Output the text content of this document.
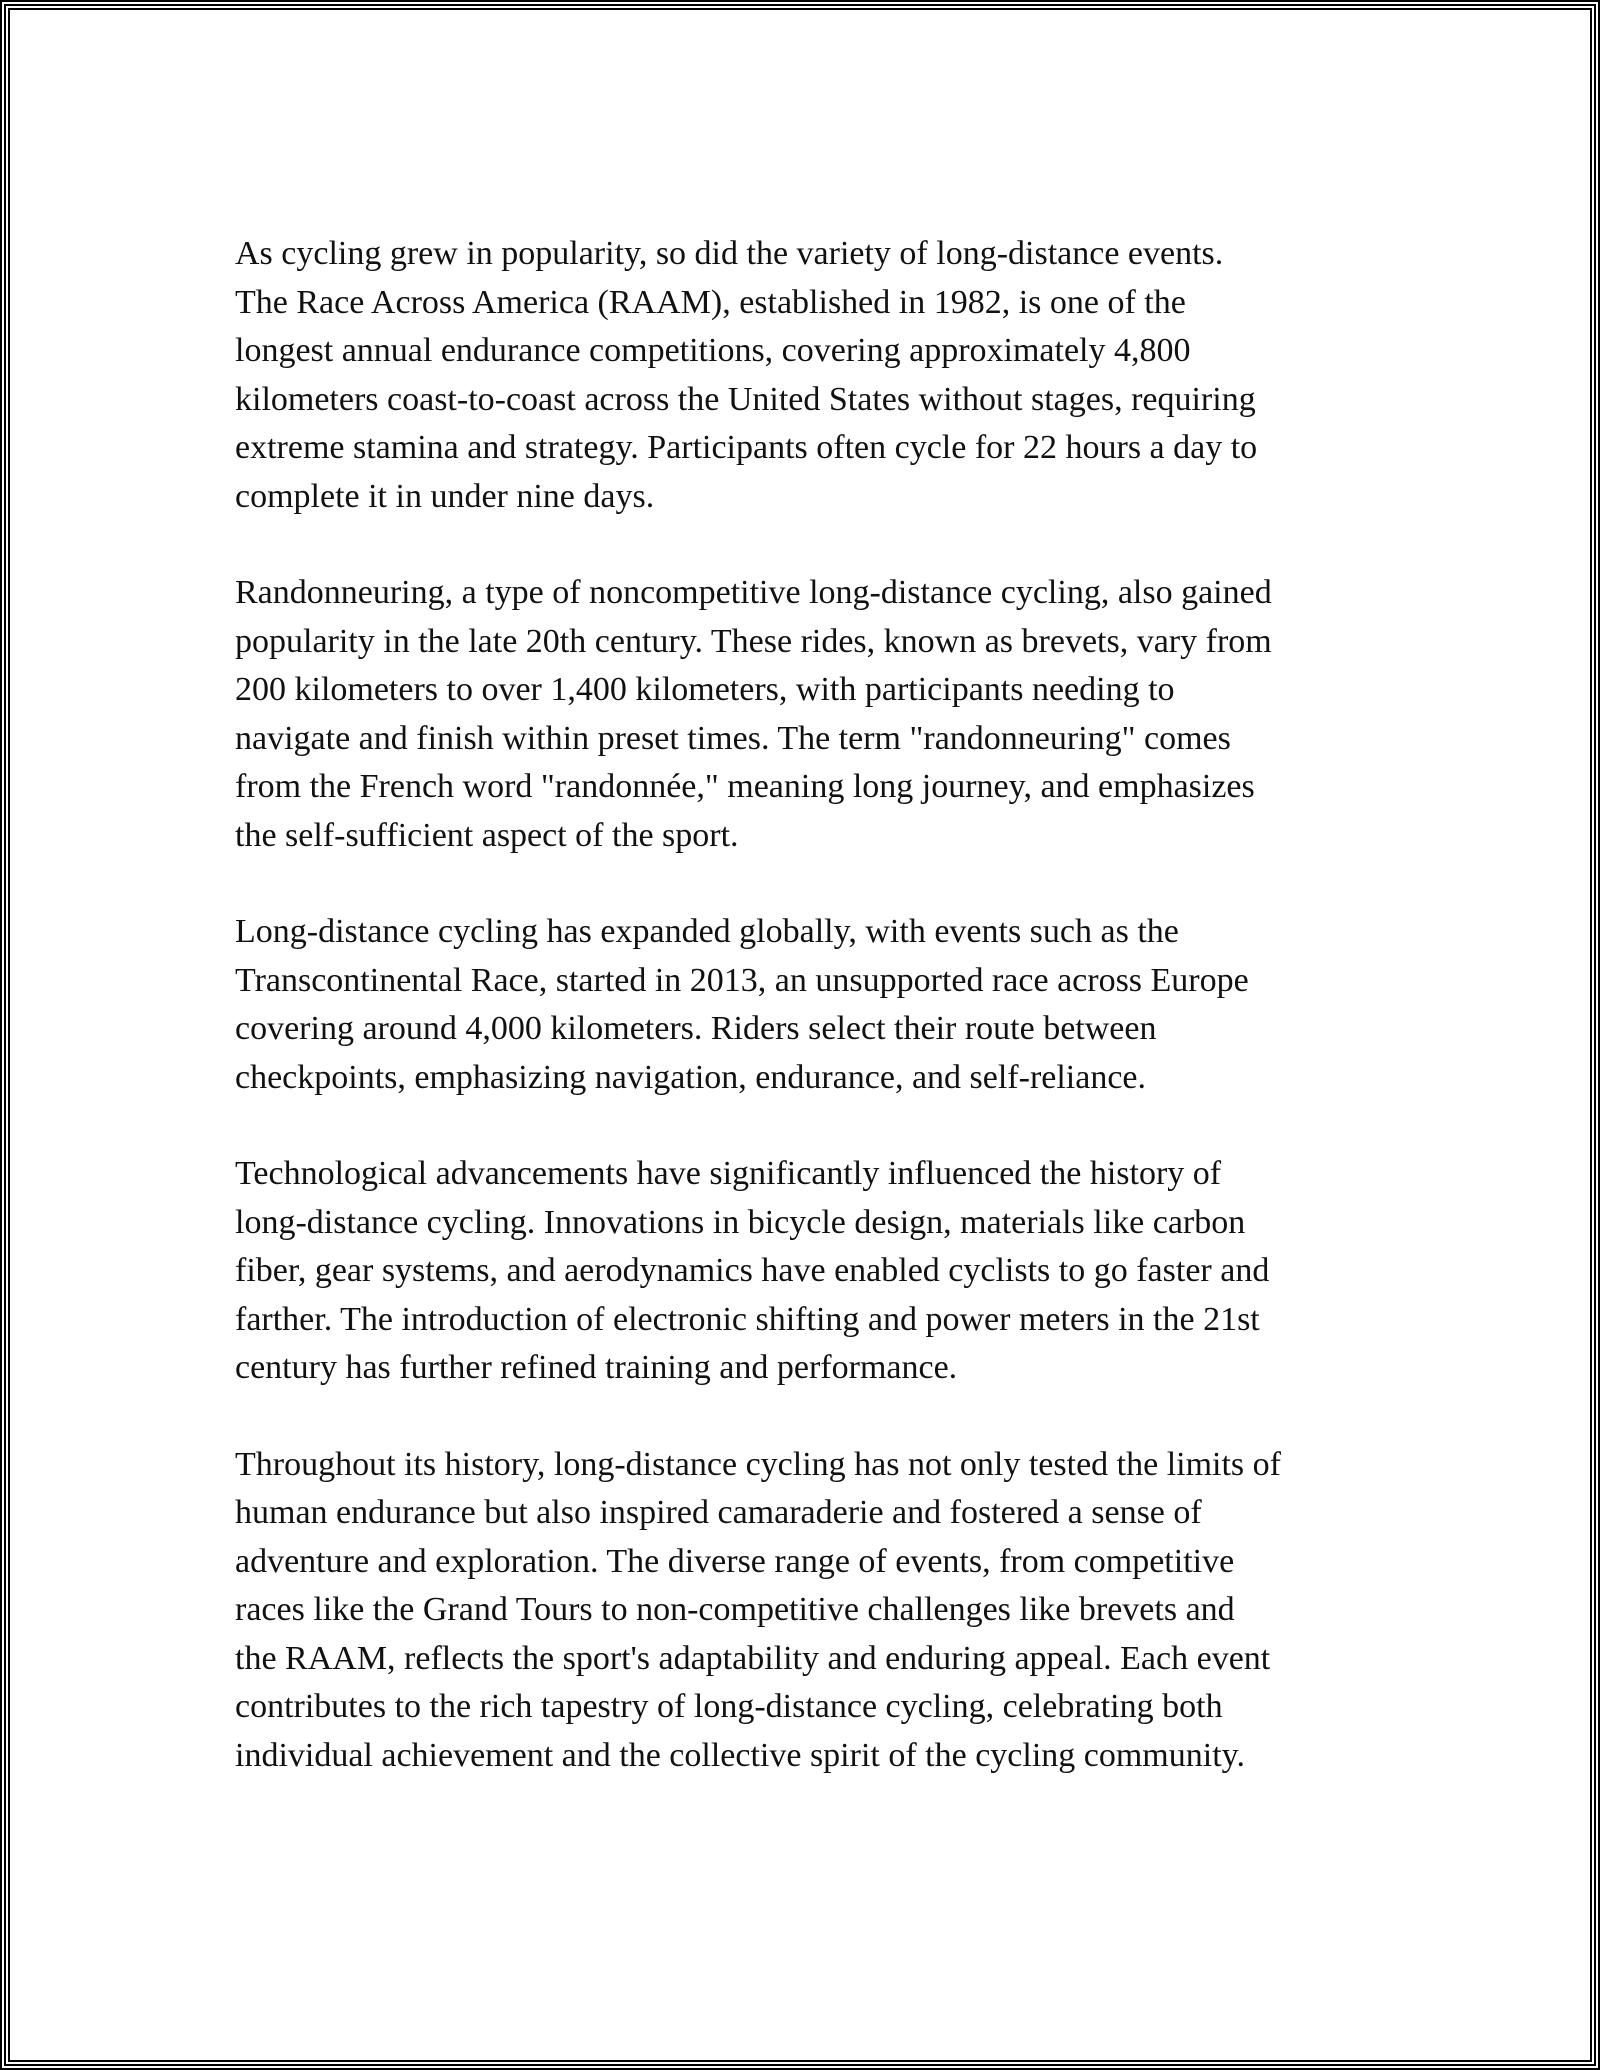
As cycling grew in popularity, so did the variety of long-distance events.
The Race Across America (RAAM), established in 1982, is one of the
longest annual endurance competitions, covering approximately 4,800
kilometers coast-to-coast across the United States without stages, requiring
extreme stamina and strategy. Participants often cycle for 22 hours a day to
complete it in under nine days.

Randonneuring, a type of noncompetitive long-distance cycling, also gained
popularity in the late 20th century. These rides, known as brevets, vary from
200 kilometers to over 1,400 kilometers, with participants needing to
navigate and finish within preset times. The term "randonneuring" comes
from the French word "randonnée," meaning long journey, and emphasizes
the self-sufficient aspect of the sport.

Long-distance cycling has expanded globally, with events such as the
Transcontinental Race, started in 2013, an unsupported race across Europe
covering around 4,000 kilometers. Riders select their route between
checkpoints, emphasizing navigation, endurance, and self-reliance.

Technological advancements have significantly influenced the history of
long-distance cycling. Innovations in bicycle design, materials like carbon
fiber, gear systems, and aerodynamics have enabled cyclists to go faster and
farther. The introduction of electronic shifting and power meters in the 21st
century has further refined training and performance.

Throughout its history, long-distance cycling has not only tested the limits of
human endurance but also inspired camaraderie and fostered a sense of
adventure and exploration. The diverse range of events, from competitive
races like the Grand Tours to non-competitive challenges like brevets and
the RAAM, reflects the sport's adaptability and enduring appeal. Each event
contributes to the rich tapestry of long-distance cycling, celebrating both
individual achievement and the collective spirit of the cycling community.
